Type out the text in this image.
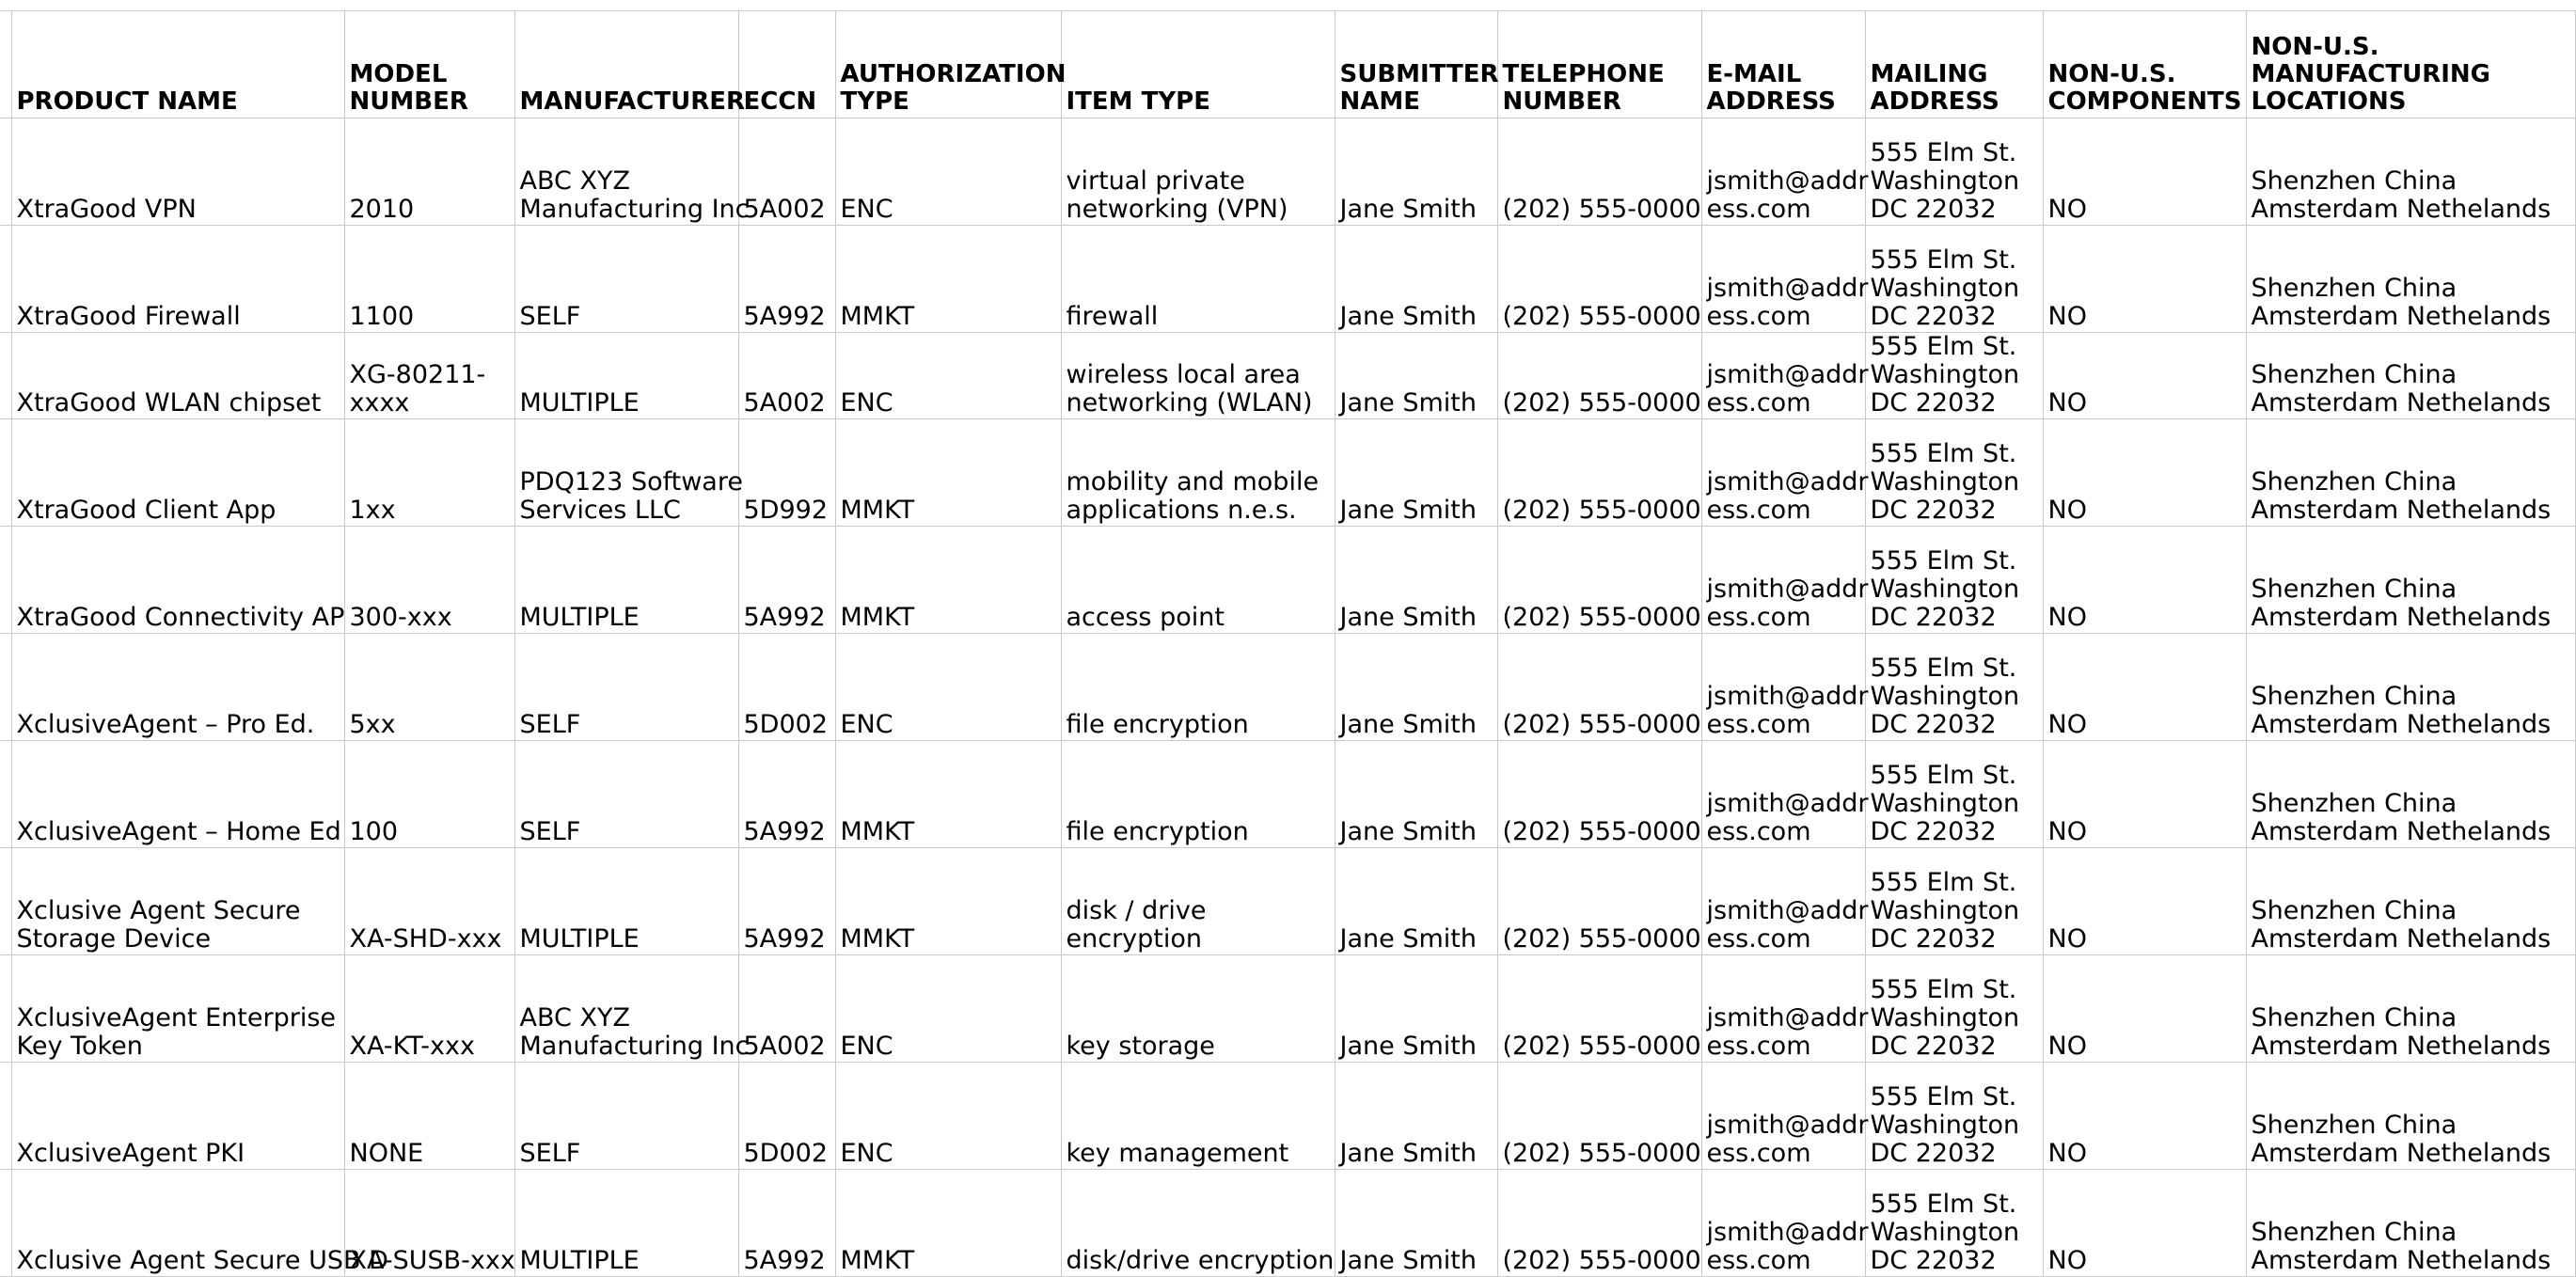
	PRODUCT NAME	MODEL
NUMBER	MANUFACTURER	ECCN	AUTHORIZATION
TYPE	ITEM TYPE	SUBMITTER
NAME	TELEPHONE
NUMBER	E-MAIL
ADDRESS	MAILING
ADDRESS	NON-U.S.
COMPONENTS	NON-U.S.
MANUFACTURING
LOCATIONS
	XtraGood VPN	2010	ABC XYZ
Manufacturing Inc	5A002	ENC	virtual private
networking (VPN)	Jane Smith	(202) 555-0000	jsmith@addr
ess.com	555 Elm St.
Washington
DC 22032	NO	Shenzhen China
Amsterdam Nethelands
	XtraGood Firewall	1100	SELF	5A992	MMKT	firewall	Jane Smith	(202) 555-0000	jsmith@addr
ess.com	555 Elm St.
Washington
DC 22032	NO	Shenzhen China
Amsterdam Nethelands
	XtraGood WLAN chipset	XG-80211-
xxxx	MULTIPLE	5A002	ENC	wireless local area
networking (WLAN)	Jane Smith	(202) 555-0000	jsmith@addr
ess.com	555 Elm St.
Washington
DC 22032	NO	Shenzhen China
Amsterdam Nethelands
	XtraGood Client App	1xx	PDQ123 Software
Services LLC	5D992	MMKT	mobility and mobile
applications n.e.s.	Jane Smith	(202) 555-0000	jsmith@addr
ess.com	555 Elm St.
Washington
DC 22032	NO	Shenzhen China
Amsterdam Nethelands
	XtraGood Connectivity AP	300-xxx	MULTIPLE	5A992	MMKT	access point	Jane Smith	(202) 555-0000	jsmith@addr
ess.com	555 Elm St.
Washington
DC 22032	NO	Shenzhen China
Amsterdam Nethelands
	XclusiveAgent – Pro Ed.	5xx	SELF	5D002	ENC	file encryption	Jane Smith	(202) 555-0000	jsmith@addr
ess.com	555 Elm St.
Washington
DC 22032	NO	Shenzhen China
Amsterdam Nethelands
	XclusiveAgent – Home Ed	100	SELF	5A992	MMKT	file encryption	Jane Smith	(202) 555-0000	jsmith@addr
ess.com	555 Elm St.
Washington
DC 22032	NO	Shenzhen China
Amsterdam Nethelands
	Xclusive Agent Secure
Storage Device	XA-SHD-xxx	MULTIPLE	5A992	MMKT	disk / drive
encryption	Jane Smith	(202) 555-0000	jsmith@addr
ess.com	555 Elm St.
Washington
DC 22032	NO	Shenzhen China
Amsterdam Nethelands
	XclusiveAgent Enterprise
Key Token	XA-KT-xxx	ABC XYZ
Manufacturing Inc	5A002	ENC	key storage	Jane Smith	(202) 555-0000	jsmith@addr
ess.com	555 Elm St.
Washington
DC 22032	NO	Shenzhen China
Amsterdam Nethelands
	XclusiveAgent PKI	NONE	SELF	5D002	ENC	key management	Jane Smith	(202) 555-0000	jsmith@addr
ess.com	555 Elm St.
Washington
DC 22032	NO	Shenzhen China
Amsterdam Nethelands
	Xclusive Agent Secure USB D	XA-SUSB-xxx	MULTIPLE	5A992	MMKT	disk/drive encryption	Jane Smith	(202) 555-0000	jsmith@addr
ess.com	555 Elm St.
Washington
DC 22032	NO	Shenzhen China
Amsterdam Nethelands
